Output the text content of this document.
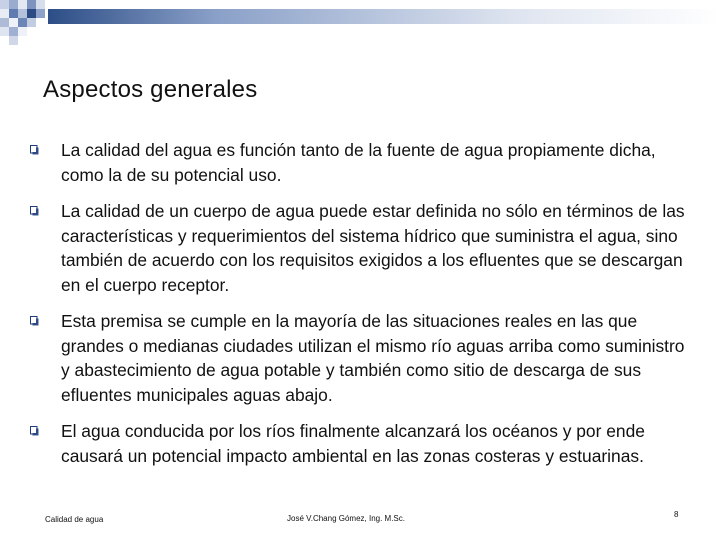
Aspectos generales
La calidad del agua es función tanto de la fuente de agua propiamente dicha, como la de su potencial uso.
La calidad de un cuerpo de agua puede estar definida no sólo en términos de las características y requerimientos del sistema hídrico que suministra el agua, sino también de acuerdo con los requisitos exigidos a los efluentes que se descargan en el cuerpo receptor.
Esta premisa se cumple en la mayoría de las situaciones reales en las que grandes o medianas ciudades utilizan el mismo río aguas arriba como suministro y abastecimiento de agua potable y también como sitio de descarga de sus efluentes municipales aguas abajo.
El agua conducida por los ríos finalmente alcanzará los océanos y por ende causará un potencial impacto ambiental en las zonas costeras y estuarinas.
Calidad de agua	José V.Chang Gómez, Ing. M.Sc.	8
